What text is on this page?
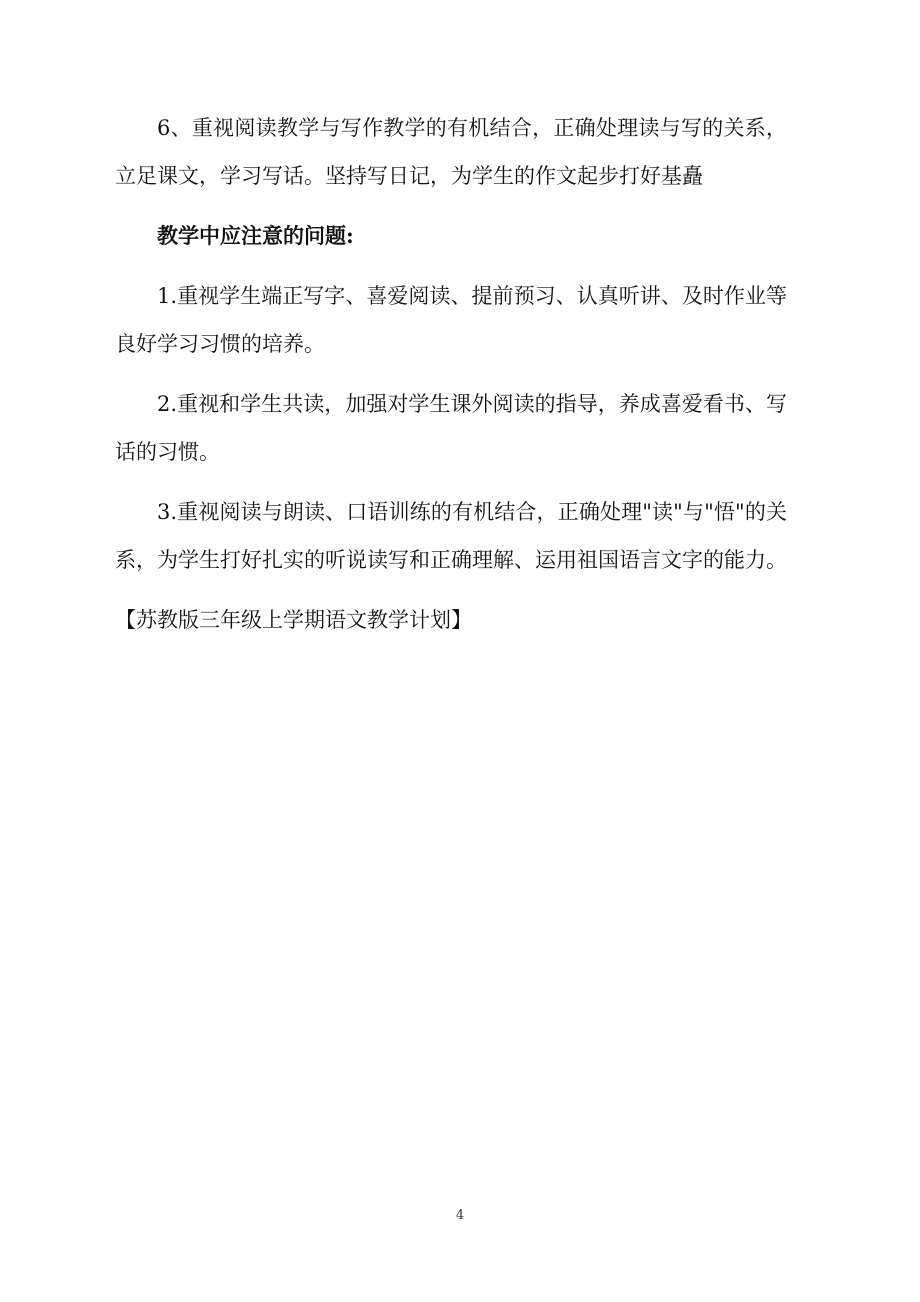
6、重视阅读教学与写作教学的有机结合，正确处理读与写的关系，立足课文，学习写话。坚持写日记，为学生的作文起步打好基矗

教学中应注意的问题:

1.重视学生端正写字、喜爱阅读、提前预习、认真听讲、及时作业等良好学习习惯的培养。

2.重视和学生共读，加强对学生课外阅读的指导，养成喜爱看书、写话的习惯。

3.重视阅读与朗读、口语训练的有机结合，正确处理"读"与"悟"的关系，为学生打好扎实的听说读写和正确理解、运用祖国语言文字的能力。

【苏教版三年级上学期语文教学计划】

4
